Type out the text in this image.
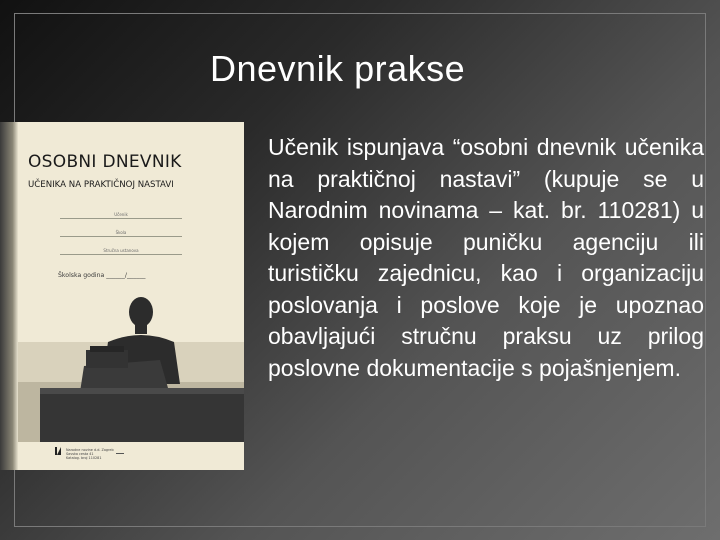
Dnevnik prakse
OSOBNI DNEVNIK
UČENIKA NA PRAKTIČNOJ NASTAVI
Učenik
Škola
Stručna ustanova
Školska godina ______/______
Narodne novine d.d. Zagreb
Savska cesta 41
Katalog. broj 110281

Učenik ispunjava “osobni dnevnik učenika na praktičnoj nastavi” (kupuje se u Narodnim novinama – kat. br. 110281) u kojem opisuje puničku agenciju ili turističku zajednicu, kao i organizaciju poslovanja i poslove koje je upoznao obavljajući stručnu praksu uz prilog poslovne dokumentacije s pojašnjenjem.
